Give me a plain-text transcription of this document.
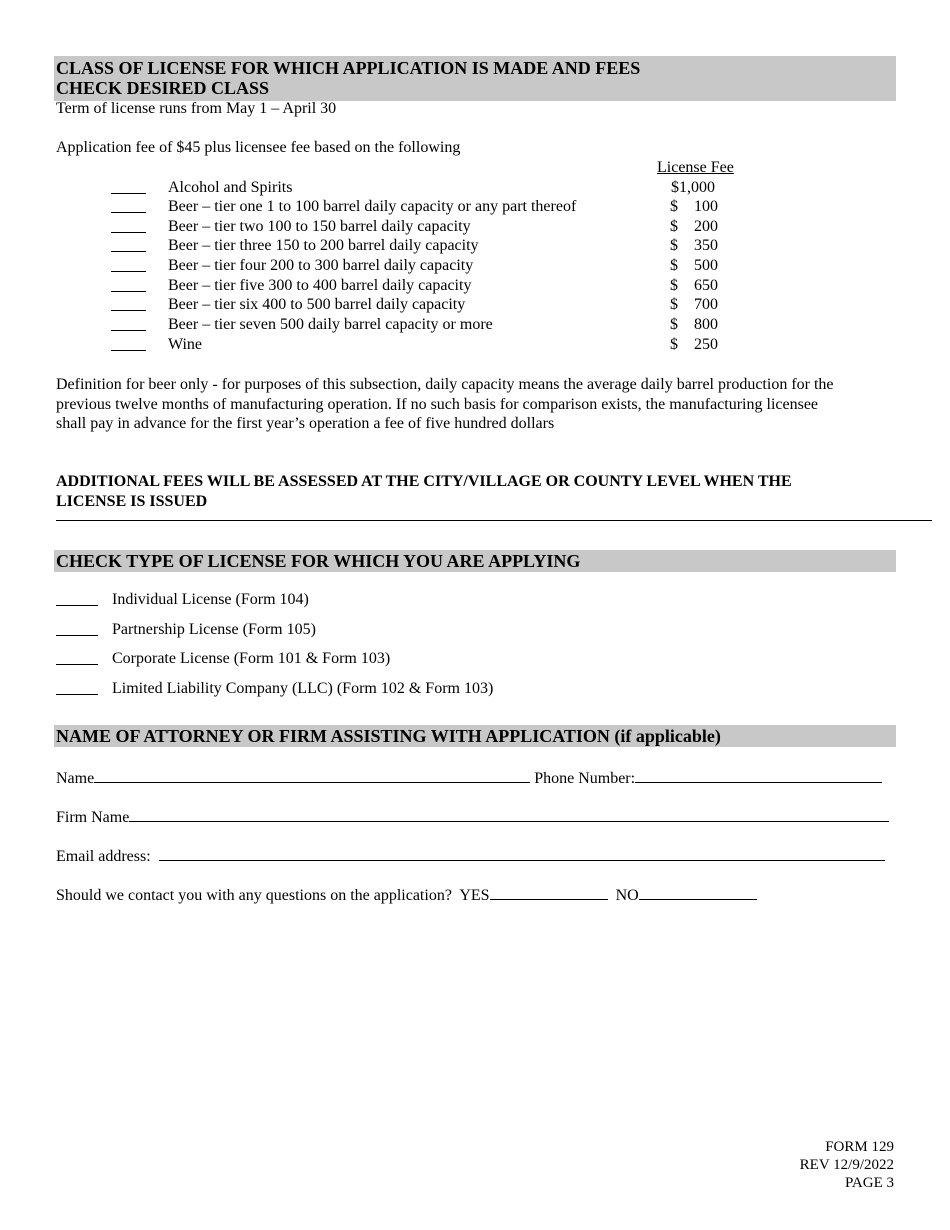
CLASS OF LICENSE FOR WHICH APPLICATION IS MADE AND FEES
CHECK DESIRED CLASS
Term of license runs from May 1 – April 30
Application fee of $45 plus licensee fee based on the following
License Fee
Alcohol and Spirits	$1,000
Beer – tier one 1 to 100 barrel daily capacity or any part thereof	$ 100
Beer – tier two 100 to 150 barrel daily capacity	$ 200
Beer – tier three 150 to 200 barrel daily capacity	$ 350
Beer – tier four 200 to 300 barrel daily capacity	$ 500
Beer – tier five 300 to 400 barrel daily capacity	$ 650
Beer – tier six 400 to 500 barrel daily capacity	$ 700
Beer – tier seven 500 daily barrel capacity or more	$ 800
Wine	$ 250
Definition for beer only - for purposes of this subsection, daily capacity means the average daily barrel production for the
previous twelve months of manufacturing operation. If no such basis for comparison exists, the manufacturing licensee
shall pay in advance for the first year’s operation a fee of five hundred dollars
ADDITIONAL FEES WILL BE ASSESSED AT THE CITY/VILLAGE OR COUNTY LEVEL WHEN THE
LICENSE IS ISSUED
CHECK TYPE OF LICENSE FOR WHICH YOU ARE APPLYING
Individual License (Form 104)
Partnership License (Form 105)
Corporate License (Form 101 & Form 103)
Limited Liability Company (LLC) (Form 102 & Form 103)
NAME OF ATTORNEY OR FIRM ASSISTING WITH APPLICATION (if applicable)
Name	Phone Number:
Firm Name
Email address:
Should we contact you with any questions on the application? YES	NO
FORM 129
REV 12/9/2022
PAGE 3
